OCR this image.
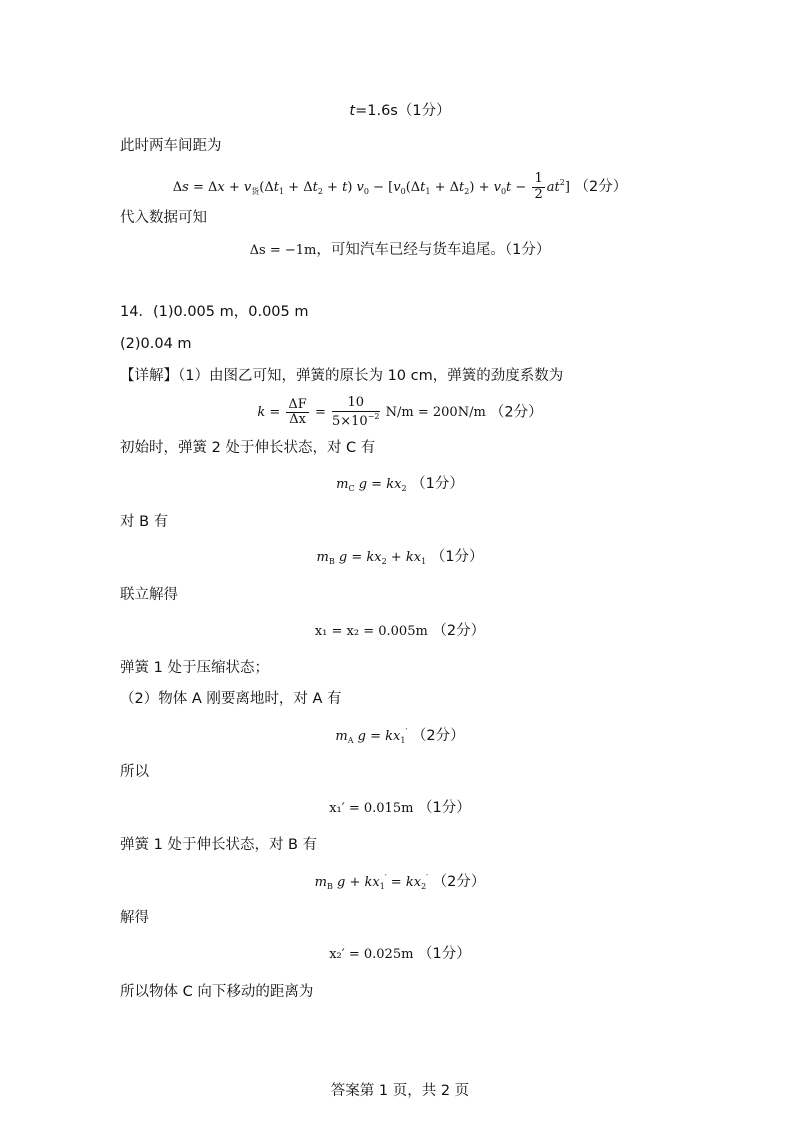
t=1.6s（1分）
此时两车间距为
$\Delta s = \Delta x + v_货(\Delta t_1 + \Delta t_2 + t) v_0 - [v_0(\Delta t_1 + \Delta t_2) + v_0t - \frac{1}{2} at^2]$ （2分）
代入数据可知
Δs = −1m，可知汽车已经与货车追尾。（1分）
14．(1)0.005 m，0.005 m
(2)0.04 m
【详解】（1）由图乙可知，弹簧的原长为 10 cm，弹簧的劲度系数为
$k = \frac{\Delta F}{\Delta x} = \frac{10}{5\times 10^{-2}} N/m = 200N/m$ （2分）
初始时，弹簧 2 处于伸长状态，对 C 有
$m_C$ $g = kx_2$ （1分）
对 B 有
$m_B$ $g = kx_2 + kx_1$ （1分）
联立解得
x₁ = x₂ = 0.005m （2分）
弹簧 1 处于压缩状态；
（2）物体 A 刚要离地时，对 A 有
$m_A$ $g = kx_1'$ （2分）
所以
x₁′ = 0.015m （1分）
弹簧 1 处于伸长状态，对 B 有
$m_B$ $g + kx_1' = kx_2'$ （2分）
解得
x₂′ = 0.025m （1分）
所以物体 C 向下移动的距离为
答案第 1 页，共 2 页
